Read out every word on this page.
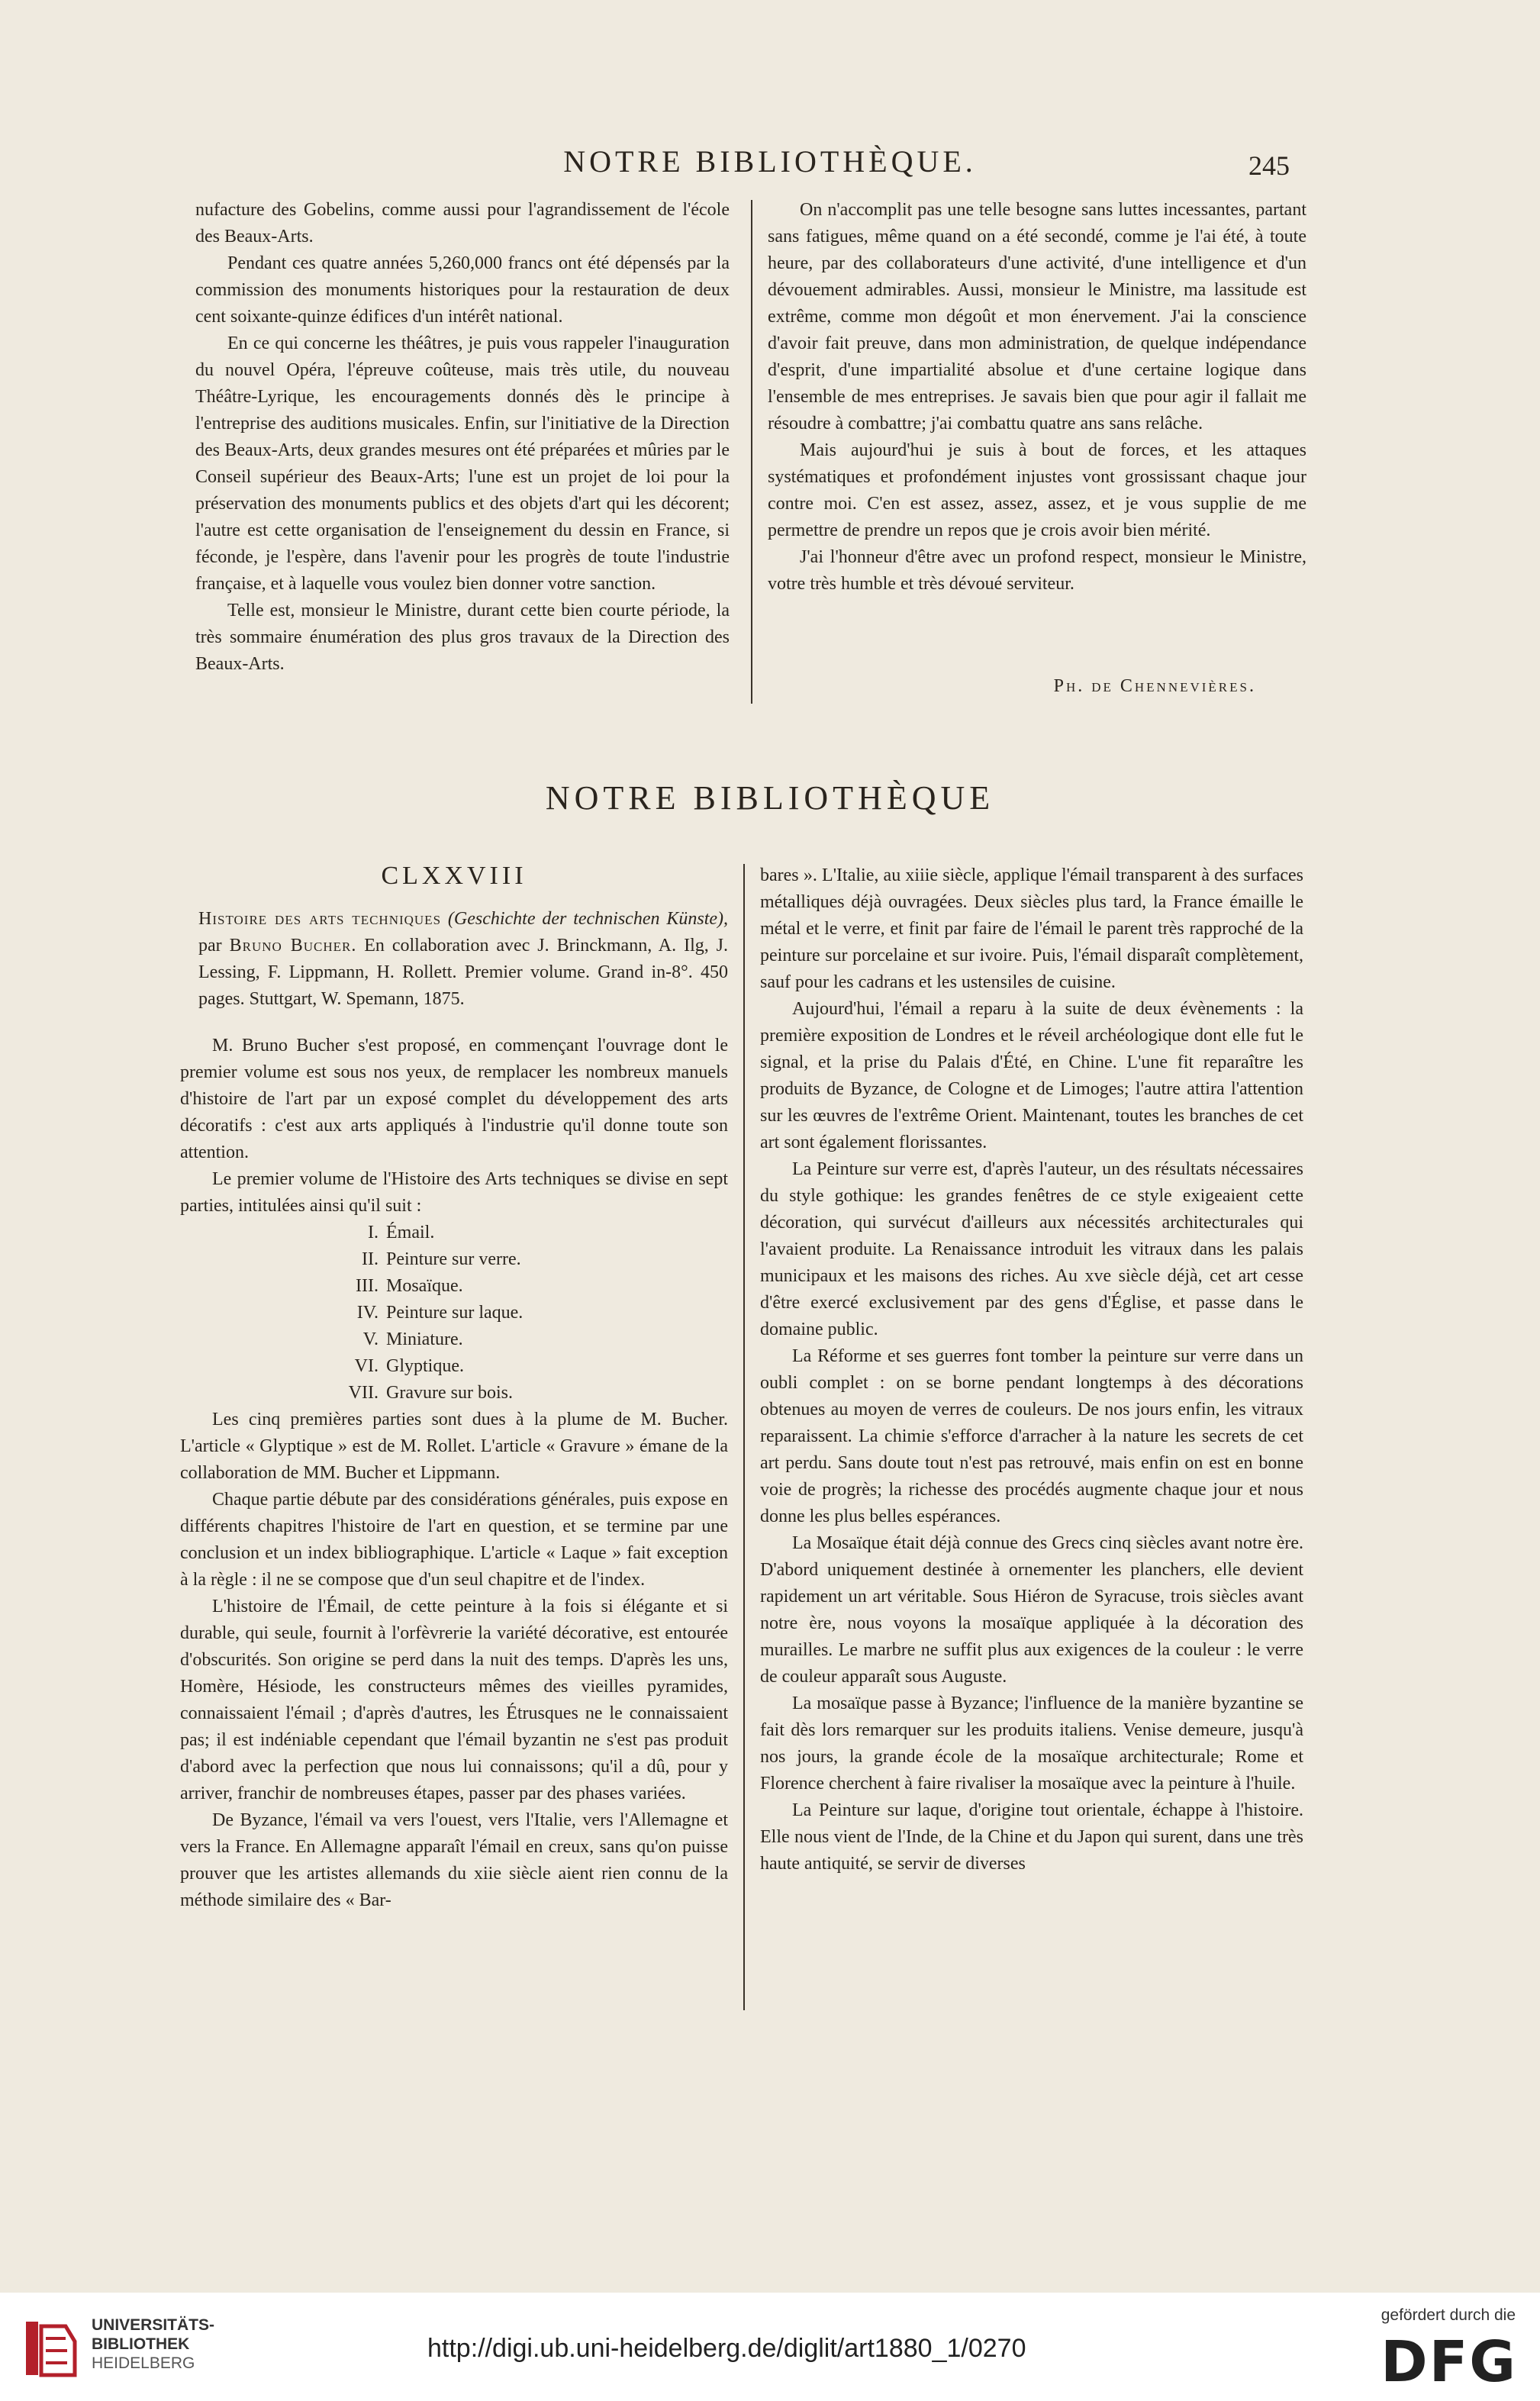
NOTRE BIBLIOTHÈQUE.	245

nufacture des Gobelins, comme aussi pour l'agrandissement de l'école des Beaux-Arts.

Pendant ces quatre années 5,260,000 francs ont été dépensés par la commission des monuments historiques pour la restauration de deux cent soixante-quinze édifices d'un intérêt national.

En ce qui concerne les théâtres, je puis vous rappeler l'inauguration du nouvel Opéra, l'épreuve coûteuse, mais très utile, du nouveau Théâtre-Lyrique, les encouragements donnés dès le principe à l'entreprise des auditions musicales. Enfin, sur l'initiative de la Direction des Beaux-Arts, deux grandes mesures ont été préparées et mûries par le Conseil supérieur des Beaux-Arts; l'une est un projet de loi pour la préservation des monuments publics et des objets d'art qui les décorent; l'autre est cette organisation de l'enseignement du dessin en France, si féconde, je l'espère, dans l'avenir pour les progrès de toute l'industrie française, et à laquelle vous voulez bien donner votre sanction.

Telle est, monsieur le Ministre, durant cette bien courte période, la très sommaire énumération des plus gros travaux de la Direction des Beaux-Arts.

On n'accomplit pas une telle besogne sans luttes incessantes, partant sans fatigues, même quand on a été secondé, comme je l'ai été, à toute heure, par des collaborateurs d'une activité, d'une intelligence et d'un dévouement admirables. Aussi, monsieur le Ministre, ma lassitude est extrême, comme mon dégoût et mon énervement. J'ai la conscience d'avoir fait preuve, dans mon administration, de quelque indépendance d'esprit, d'une impartialité absolue et d'une certaine logique dans l'ensemble de mes entreprises. Je savais bien que pour agir il fallait me résoudre à combattre; j'ai combattu quatre ans sans relâche.

Mais aujourd'hui je suis à bout de forces, et les attaques systématiques et profondément injustes vont grossissant chaque jour contre moi. C'en est assez, assez, assez, et je vous supplie de me permettre de prendre un repos que je crois avoir bien mérité.

J'ai l'honneur d'être avec un profond respect, monsieur le Ministre, votre très humble et très dévoué serviteur.

NOTRE BIBLIOTHÈQUE
CLXXVIII

Histoire des arts techniques (Geschichte der technischen Künste), par Bruno Bucher. En collaboration avec J. Brinckmann, A. Ilg, J. Lessing, F. Lippmann, H. Rollett. Premier volume. Grand in-8°. 450 pages. Stuttgart, W. Spemann, 1875.

M. Bruno Bucher s'est proposé, en commençant l'ouvrage dont le premier volume est sous nos yeux, de remplacer les nombreux manuels d'histoire de l'art par un exposé complet du développement des arts décoratifs : c'est aux arts appliqués à l'industrie qu'il donne toute son attention.

Le premier volume de l'Histoire des Arts techniques se divise en sept parties, intitulées ainsi qu'il suit :

I. Émail.
II. Peinture sur verre.
III. Mosaïque.
IV. Peinture sur laque.
V. Miniature.
VI. Glyptique.
VII. Gravure sur bois.

Les cinq premières parties sont dues à la plume de M. Bucher. L'article « Glyptique » est de M. Rollet. L'article « Gravure » émane de la collaboration de MM. Bucher et Lippmann.

Chaque partie débute par des considérations générales, puis expose en différents chapitres l'histoire de l'art en question, et se termine par une conclusion et un index bibliographique. L'article « Laque » fait exception à la règle : il ne se compose que d'un seul chapitre et de l'index.

L'histoire de l'Émail, de cette peinture à la fois si élégante et si durable, qui seule, fournit à l'orfèvrerie la variété décorative, est entourée d'obscurités. Son origine se perd dans la nuit des temps. D'après les uns, Homère, Hésiode, les constructeurs mêmes des vieilles pyramides, connaissaient l'émail ; d'après d'autres, les Étrusques ne le connaissaient pas; il est indéniable cependant que l'émail byzantin ne s'est pas produit d'abord avec la perfection que nous lui connaissons; qu'il a dû, pour y arriver, franchir de nombreuses étapes, passer par des phases variées.

De Byzance, l'émail va vers l'ouest, vers l'Italie, vers l'Allemagne et vers la France. En Allemagne apparaît l'émail en creux, sans qu'on puisse prouver que les artistes allemands du xiie siècle aient rien connu de la méthode similaire des « Bar-

bares ». L'Italie, au xiiie siècle, applique l'émail transparent à des surfaces métalliques déjà ouvragées. Deux siècles plus tard, la France émaille le métal et le verre, et finit par faire de l'émail le parent très rapproché de la peinture sur porcelaine et sur ivoire. Puis, l'émail disparaît complètement, sauf pour les cadrans et les ustensiles de cuisine.

Aujourd'hui, l'émail a reparu à la suite de deux évènements : la première exposition de Londres et le réveil archéologique dont elle fut le signal, et la prise du Palais d'Été, en Chine. L'une fit reparaître les produits de Byzance, de Cologne et de Limoges; l'autre attira l'attention sur les œuvres de l'extrême Orient. Maintenant, toutes les branches de cet art sont également florissantes.

La Peinture sur verre est, d'après l'auteur, un des résultats nécessaires du style gothique: les grandes fenêtres de ce style exigeaient cette décoration, qui survécut d'ailleurs aux nécessités architecturales qui l'avaient produite. La Renaissance introduit les vitraux dans les palais municipaux et les maisons des riches. Au xve siècle déjà, cet art cesse d'être exercé exclusivement par des gens d'Église, et passe dans le domaine public.

La Réforme et ses guerres font tomber la peinture sur verre dans un oubli complet : on se borne pendant longtemps à des décorations obtenues au moyen de verres de couleurs. De nos jours enfin, les vitraux reparaissent. La chimie s'efforce d'arracher à la nature les secrets de cet art perdu. Sans doute tout n'est pas retrouvé, mais enfin on est en bonne voie de progrès; la richesse des procédés augmente chaque jour et nous donne les plus belles espérances.

La Mosaïque était déjà connue des Grecs cinq siècles avant notre ère. D'abord uniquement destinée à ornementer les planchers, elle devient rapidement un art véritable. Sous Hiéron de Syracuse, trois siècles avant notre ère, nous voyons la mosaïque appliquée à la décoration des murailles. Le marbre ne suffit plus aux exigences de la couleur : le verre de couleur apparaît sous Auguste.

La mosaïque passe à Byzance; l'influence de la manière byzantine se fait dès lors remarquer sur les produits italiens. Venise demeure, jusqu'à nos jours, la grande école de la mosaïque architecturale; Rome et Florence cherchent à faire rivaliser la mosaïque avec la peinture à l'huile.

La Peinture sur laque, d'origine tout orientale, échappe à l'histoire. Elle nous vient de l'Inde, de la Chine et du Japon qui surent, dans une très haute antiquité, se servir de diverses

Ph. de Chennevières.
UNIVERSITÄTS-
BIBLIOTHEK
HEIDELBERG
http://digi.ub.uni-heidelberg.de/diglit/art1880_1/0270
gefördert durch die
DFG
